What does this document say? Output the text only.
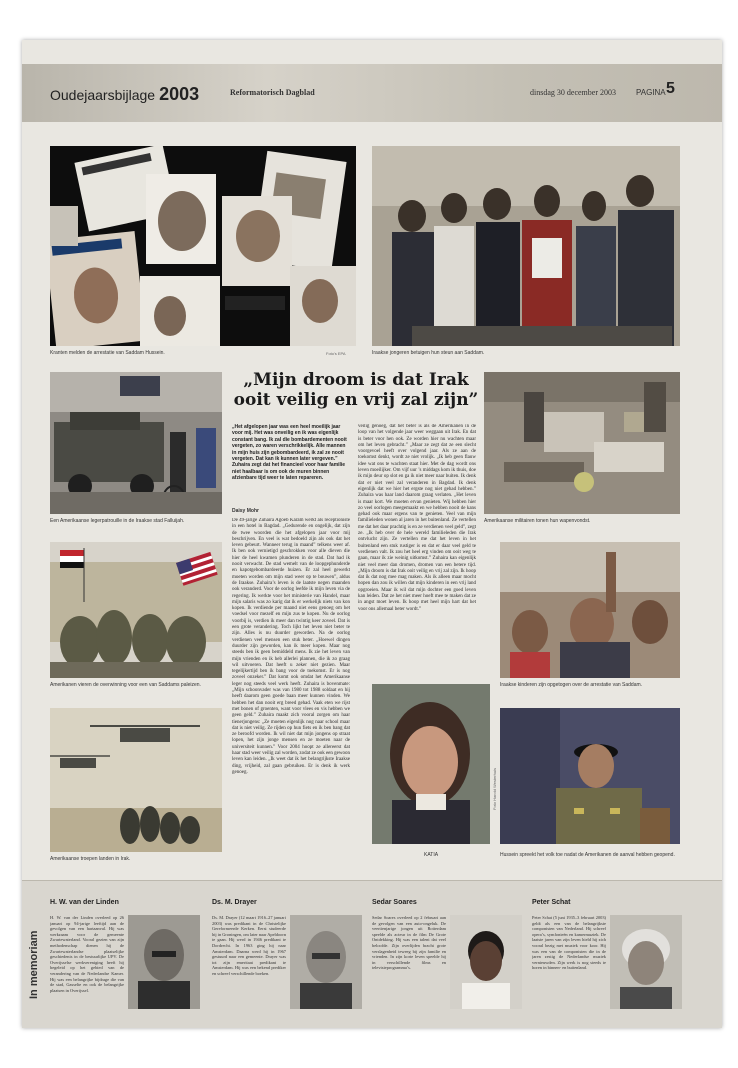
Oudejaarsbijlage 2003	Reformatorisch Dagblad	dinsdag 30 december 2003	PAGINA 5
Kranten melden de arrestatie van Saddam Hussein.	Foto's EPA	Iraakse jongeren betuigen hun steun aan Saddam.
Een Amerikaanse legerpatrouille in de Iraakse stad Falluijah.
„Mijn droom is dat Irak ooit veilig en vrij zal zijn”
„Het afgelopen jaar was een heel moeilijk jaar voor mij. Het was onveilig en ik was eigenlijk constant bang. Ik zal die bombardementen nooit vergeten, zo waren verschrikkelijk. Alle mannen in mijn huis zijn gebombardeerd, ik zal ze nooit vergeten. Dat kan ik kunnen later vergeven.” Zuhaira zegt dat het financieel voor haar familie niet haalbaar is om ook de muren binnen afzienbare tijd weer te laten repareren.
Daisy Mohr
De 49-jarige Zuhaira Agoeb Karam werkt als receptioniste in een hotel in Bagdad. „Gedurende en ongelijk, dat zijn de twee woorden die het afgelopen jaar voor mij beschrijven. En veel is wat bedoeld zijn als ook dat het leven gebeurt. Wanneer terug in maand” telkens weer af. Ik ben ook vernietigd geschrokken voor alle dieven die hier de heel kwamen plunderen in de stad. Dat had ik nooit verwacht. De stad wemelt van de loopgephunderde en kapotgebombardeerde huizen. Er zal heel gewerkt moeten worden om mijn stad weer op te bouwen”, aldus de Iraakse. Zuhaira’s leven is de laatste negen maanden ook veranderd. Voor de oorlog leefde ik mijn leven via de regering. Ik werkte voor het ministerie van Handel, maar mijn salaris was zo karig dat ik er werkelijk niets van kon kopen. Ik verdiende per maand niet eens genoeg om het voedsel voor mezelf en mijn zus te kopen. Nu de oorlog voorbij is, verdien ik meer dan twintig keer zoveel. Dat is een grote verandering. Toch lijkt het leven niet beter te zijn. Alles is nu duurder geworden. Na de oorlog verdienen veel mensen een stuk beter. „Hoewel dingen duurder zijn geworden, kan ik meer kopen. Maar nog steeds ben ik geen bemiddeld mens. Ik zie het leven van mijn vrienden en ik heb allerlei plannen, die ik zo graag wil uitvoeren. Dat heeft u zeker niet gezien. Maar tegelijkertijd ben ik bang voor de toekomst. Er is nog zoveel onzeker.” Dat komt ook omdat het Amerikaanse leger nog steeds veel werk heeft. Zuhaira is bovenmate: „Mijn schoonvader was van 1980 tot 1988 soldaat en hij heeft daarom geen goede baan meer kunnen vinden. We hebben het dan nooit erg breed gehad. Vaak eten we rijst met bonen of groenten, want voor vlees en vis hebben we geen geld.” Zuhaira maakt zich vooral zorgen om haar tienerjongens: „Ze moeten eigenlijk nog naar school maar dat is niet veilig. Ze rijden op hun fiets en ik ben bang dat ze beroofd worden. Ik wil niet dat mijn jongens op straat lopen, het zijn jonge mensen en ze moeten naar de universiteit kunnen.” Voor 2004 hoopt ze allereerst dat haar stad weer veilig zal worden, zodat ze ook een gewoon leven kan leiden. „Ik weet dat ik het belangrijkste Iraakse ding, vrijheid, zal gaan gebruiken. Er is denk ik werk genoeg.
veilig genoeg, dat het beter is als de Amerikanen in de loop van het volgende jaar weer weggaan uit Irak. En dat is beter voor hen ook. Ze worden hier nu wachten maar om het leven gebracht.” „Maar ze zegt dat ze een slecht voorgevoel heeft over volgend jaar. Als ze aan de toekomst denkt, wordt ze niet vrolijk. „Ik heb geen flauw idee wat ons te wachten staat hier. Met de dag wordt ons leven moeilijker. Om vijf uur ’s middags kom ik thuis, doe ik mijn deur op slot en ga ik niet meer naar buiten. Ik denk dat er niet veel zal veranderen in Bagdad. Ik denk eigenlijk dat we hier het ergste nog niet gehad hebben.” Zuhaira was haar land daarom graag verlaten. „Het leven is maar kort. We moeten ervan genieten. Wij hebben hier zo veel oorlogen meegemaakt en we hebben nooit de kans gehad ook maar ergens van te genieten. Veel van mijn familieleden wonen al jaren in het buitenland. Ze vertellen me dat het daar prachtig is en ze verdienen veel geld”, zegt ze. „Ik heb over de hele wereld familieleden die Irak ontvlucht zijn. Ze vertellen me dat het leven in het buitenland een stuk rustiger is en dat er daar veel geld te verdienen valt. Ik zou het heel erg vinden om ooit weg te gaan, maar ik zie weinig uitkomst.” Zuhaira kan eigenlijk niet veel meer dan dromen, dromen van een betere tijd. „Mijn droom is dat Irak ooit veilig en vrij zal zijn. Ik hoop dat ik dat nog mee mag maken. Als ik alleen maar mocht hopen dan zou ik willen dat mijn kinderen in een vrij land opgroeien. Maar ik wil dat mijn dochter een goed leven kan leiden. Dat ze het niet meer hoeft mee te maken dat ze in angst moet leven. Ik hoop met heel mijn hart dat het voor ons allemaal beter wordt.”
Amerikaanse militairen tonen hun wapenvondst.
Amerikanen vieren de overwinning voor een van Saddams paleizen.	Iraakse kinderen zijn opgetogen over de arrestatie van Saddam.
Amerikaanse troepen landen in Irak.
KATIA
Foto Harold Westerhuis
Hussein spreekt het volk toe nadat de Amerikanen de aanval hebben geopend.
In memoriam
H. W. van der Linden
H. W. van der Linden overleed op 26 januari op 94-jarige leeftijd aan de gevolgen van een hartaanval. Hij was werkzaam voor de gemeente Zwartewaterland. Vooral gezien van zijn methodenschap dienen hij de Zwartewaterlandse plaatselijke geschiedenis in de bestuurlijke UPV. De Overijsselse werkvereniging heeft hij begeleid op het gebied van de verandering van de Nederlandse Kamer. Hij was een belangrijke bijdrage die van de stad, Gasselte en ook de belangrijke plaatsen in Overijssel.
Ds. M. Drayer
Ds. M. Drayer (12 maart 1916–27 januari 2003) was predikant in de Christelijke Gereformeerde Kerken. Eerst studeerde hij in Groningen, om later naar Apeldoorn te gaan. Hij werd in 1946 predikant te Dordrecht. In 1963 ging hij naar Amsterdam. Daarna werd hij in 1967 gestuurd naar een gemeente. Drayer was tot zijn emeritaat predikant te Amsterdam. Hij was een bekend prediker en schreef verschillende boeken.
Sedar Soares
Sedar Soares overleed op 2 februari aan de gevolgen van een auto-ongeluk. De veertienjarige jongen uit Rotterdam speelde als acteur in de film De Grote Ontdekking. Hij was een talent dat veel beloofde. Zijn overlijden bracht grote verslagenheid teweeg bij zijn familie en vrienden. In zijn korte leven speelde hij in verschillende films en televisieprogramma’s.
Peter Schat
Peter Schat (5 juni 1935–3 februari 2003) geldt als een van de belangrijkste componisten van Nederland. Hij schreef opera’s, symfonieën en kamermuziek. De laatste jaren van zijn leven hield hij zich vooral bezig met muziek voor koor. Hij was een van de componisten die in de jaren zestig de Nederlandse muziek vernieuwden. Zijn werk is nog steeds te horen in binnen- en buitenland.
